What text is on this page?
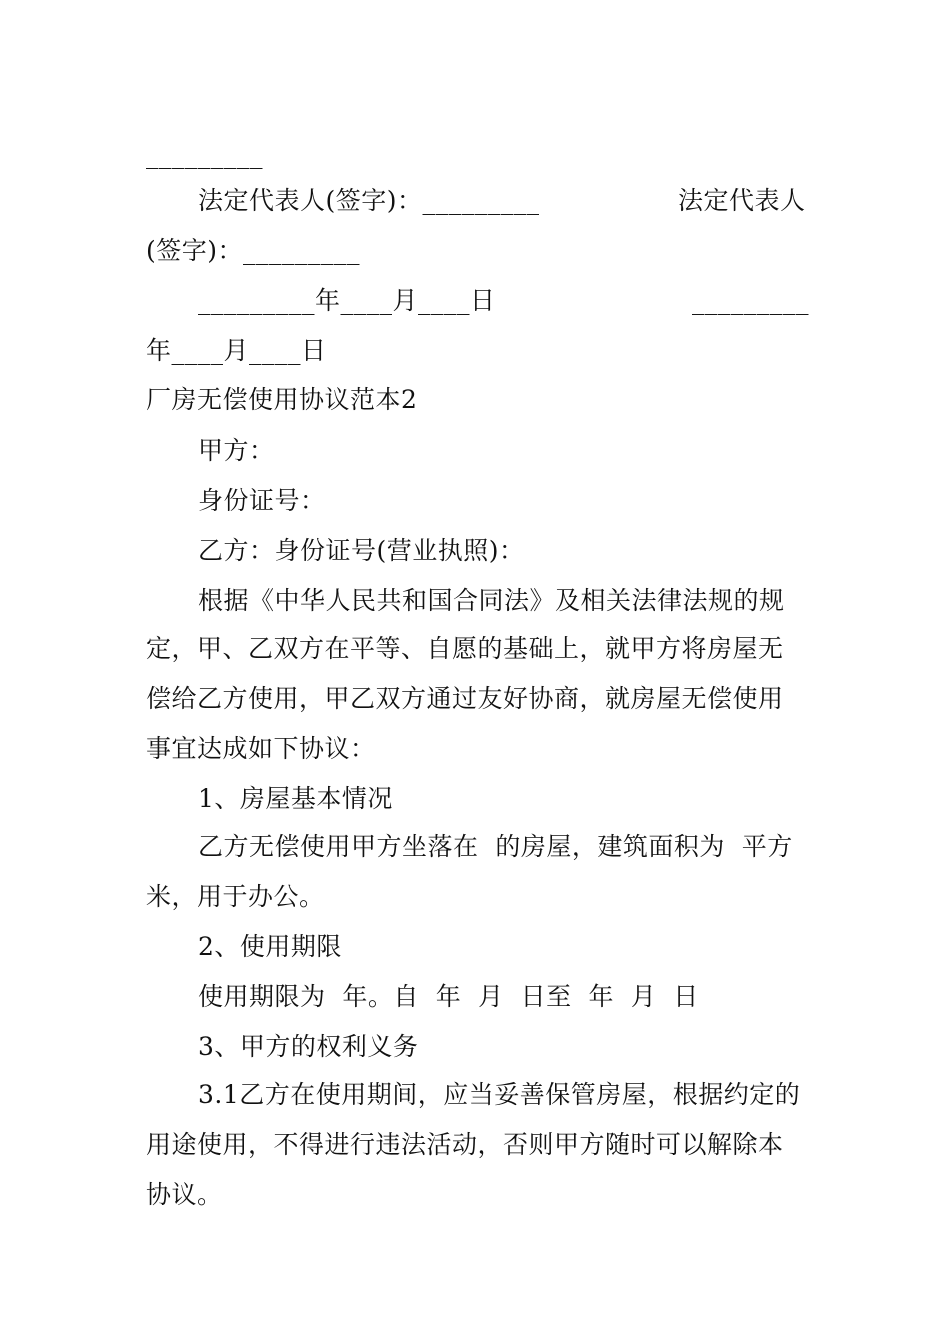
_________
法定代表人(签字)：_________	法定代表人
(签字)：_________
_________年____月____日	_________
年____月____日
厂房无偿使用协议范本2
甲方：
身份证号：
乙方：身份证号(营业执照)：
根据《中华人民共和国合同法》及相关法律法规的规
定，甲、乙双方在平等、自愿的基础上，就甲方将房屋无
偿给乙方使用，甲乙双方通过友好协商，就房屋无偿使用
事宜达成如下协议：
1、房屋基本情况
乙方无偿使用甲方坐落在  的房屋，建筑面积为  平方
米，用于办公。
2、使用期限
使用期限为  年。自  年  月  日至  年  月  日
3、甲方的权利义务
3.1乙方在使用期间，应当妥善保管房屋，根据约定的
用途使用，不得进行违法活动，否则甲方随时可以解除本
协议。
